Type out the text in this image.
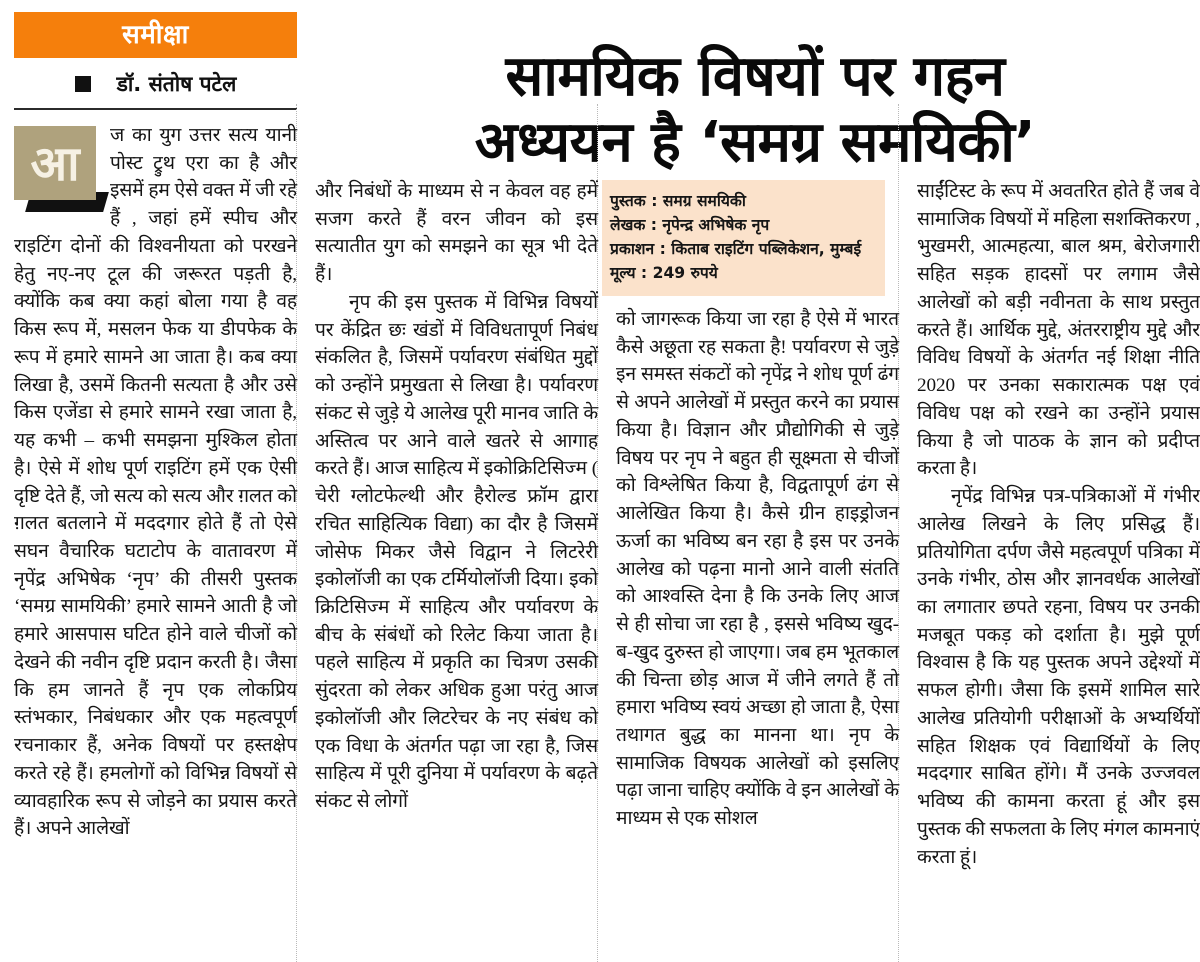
समीक्षा
डॉ. संतोष पटेल	सामयिक विषयों पर गहन
अध्ययन है ‘समग्र समयिकी’
पुस्तक : समग्र समयिकी
लेखक : नृपेन्द्र अभिषेक नृप
प्रकाशन : किताब राइटिंग पब्लिकेशन, मुम्बई
मूल्य : 249 रुपये
आ

ज का युग उत्तर सत्य यानी पोस्ट ट्रुथ एरा का है और इसमें हम ऐसे वक्त में जी रहे हैं , जहां हमें स्पीच और राइटिंग दोनों की विश्वनीयता को परखने हेतु नए-नए टूल की जरूरत पड़ती है, क्योंकि कब क्या कहां बोला गया है वह किस रूप में, मसलन फेक या डीपफेक के रूप में हमारे सामने आ जाता है। कब क्या लिखा है, उसमें कितनी सत्यता है और उसे किस एजेंडा से हमारे सामने रखा जाता है, यह कभी – कभी समझना मुश्किल होता है। ऐसे में शोध पूर्ण राइटिंग हमें एक ऐसी दृष्टि देते हैं, जो सत्य को सत्य और ग़लत को ग़लत बतलाने में मददगार होते हैं तो ऐसे सघन वैचारिक घटाटोप के वातावरण में नृपेंद्र अभिषेक ‘नृप’ की तीसरी पुस्तक ‘समग्र सामयिकी’ हमारे सामने आती है जो हमारे आसपास घटित होने वाले चीजों को देखने की नवीन दृष्टि प्रदान करती है। जैसा कि हम जानते हैं नृप एक लोकप्रिय स्तंभकार, निबंधकार और एक महत्वपूर्ण रचनाकार हैं, अनेक विषयों पर हस्तक्षेप करते रहे हैं। हमलोगों को विभिन्न विषयों से व्यावहारिक रूप से जोड़ने का प्रयास करते हैं। अपने आलेखों

और निबंधों के माध्यम से न केवल वह हमें सजग करते हैं वरन जीवन को इस सत्यातीत युग को समझने का सूत्र भी देते हैं।

नृप की इस पुस्तक में विभिन्न विषयों पर केंद्रित छः खंडों में विविधतापूर्ण निबंध संकलित है, जिसमें पर्यावरण संबंधित मुद्दों को उन्होंने प्रमुखता से लिखा है। पर्यावरण संकट से जुड़े ये आलेख पूरी मानव जाति के अस्तित्व पर आने वाले खतरे से आगाह करते हैं। आज साहित्य में इकोक्रिटिसिज्म ( चेरी ग्लोटफेल्थी और हैरोल्ड फ्रॉम द्वारा रचित साहित्यिक विद्या) का दौर है जिसमें जोसेफ मिकर जैसे विद्वान ने लिटरेरी इकोलॉजी का एक टर्मियोलॉजी दिया। इको क्रिटिसिज्म में साहित्य और पर्यावरण के बीच के संबंधों को रिलेट किया जाता है। पहले साहित्य में प्रकृति का चित्रण उसकी सुंदरता को लेकर अधिक हुआ परंतु आज इकोलॉजी और लिटरेचर के नए संबंध को एक विधा के अंतर्गत पढ़ा जा रहा है, जिस साहित्य में पूरी दुनिया में पर्यावरण के बढ़ते संकट से लोगों

को जागरूक किया जा रहा है ऐसे में भारत कैसे अछूता रह सकता है! पर्यावरण से जुड़े इन समस्त संकटों को नृपेंद्र ने शोध पूर्ण ढंग से अपने आलेखों में प्रस्तुत करने का प्रयास किया है। विज्ञान और प्रौद्योगिकी से जुड़े विषय पर नृप ने बहुत ही सूक्ष्मता से चीजों को विश्लेषित किया है, विद्वतापूर्ण ढंग से आलेखित किया है। कैसे ग्रीन हाइड्रोजन ऊर्जा का भविष्य बन रहा है इस पर उनके आलेख को पढ़ना मानो आने वाली संतति को आश्वस्ति देना है कि उनके लिए आज से ही सोचा जा रहा है , इससे भविष्य खुद-ब-खुद दुरुस्त हो जाएगा। जब हम भूतकाल की चिन्ता छोड़ आज में जीने लगते हैं तो हमारा भविष्य स्वयं अच्छा हो जाता है, ऐसा तथागत बुद्ध का मानना था। नृप के सामाजिक विषयक आलेखों को इसलिए पढ़ा जाना चाहिए क्योंकि वे इन आलेखों के माध्यम से एक सोशल

साईंटिस्ट के रूप में अवतरित होते हैं जब वे सामाजिक विषयों में महिला सशक्तिकरण , भुखमरी, आत्महत्या, बाल श्रम, बेरोजगारी सहित सड़क हादसों पर लगाम जैसे आलेखों को बड़ी नवीनता के साथ प्रस्तुत करते हैं। आर्थिक मुद्दे, अंतरराष्ट्रीय मुद्दे और विविध विषयों के अंतर्गत नई शिक्षा नीति 2020 पर उनका सकारात्मक पक्ष एवं विविध पक्ष को रखने का उन्होंने प्रयास किया है जो पाठक के ज्ञान को प्रदीप्त करता है।

नृपेंद्र विभिन्न पत्र-पत्रिकाओं में गंभीर आलेख लिखने के लिए प्रसिद्ध हैं। प्रतियोगिता दर्पण जैसे महत्वपूर्ण पत्रिका में उनके गंभीर, ठोस और ज्ञानवर्धक आलेखों का लगातार छपते रहना, विषय पर उनकी मजबूत पकड़ को दर्शाता है। मुझे पूर्ण विश्वास है कि यह पुस्तक अपने उद्देश्यों में सफल होगी। जैसा कि इसमें शामिल सारे आलेख प्रतियोगी परीक्षाओं के अभ्यर्थियों सहित शिक्षक एवं विद्यार्थियों के लिए मददगार साबित होंगे। मैं उनके उज्जवल भविष्य की कामना करता हूं और इस पुस्तक की सफलता के लिए मंगल कामनाएं करता हूं।
